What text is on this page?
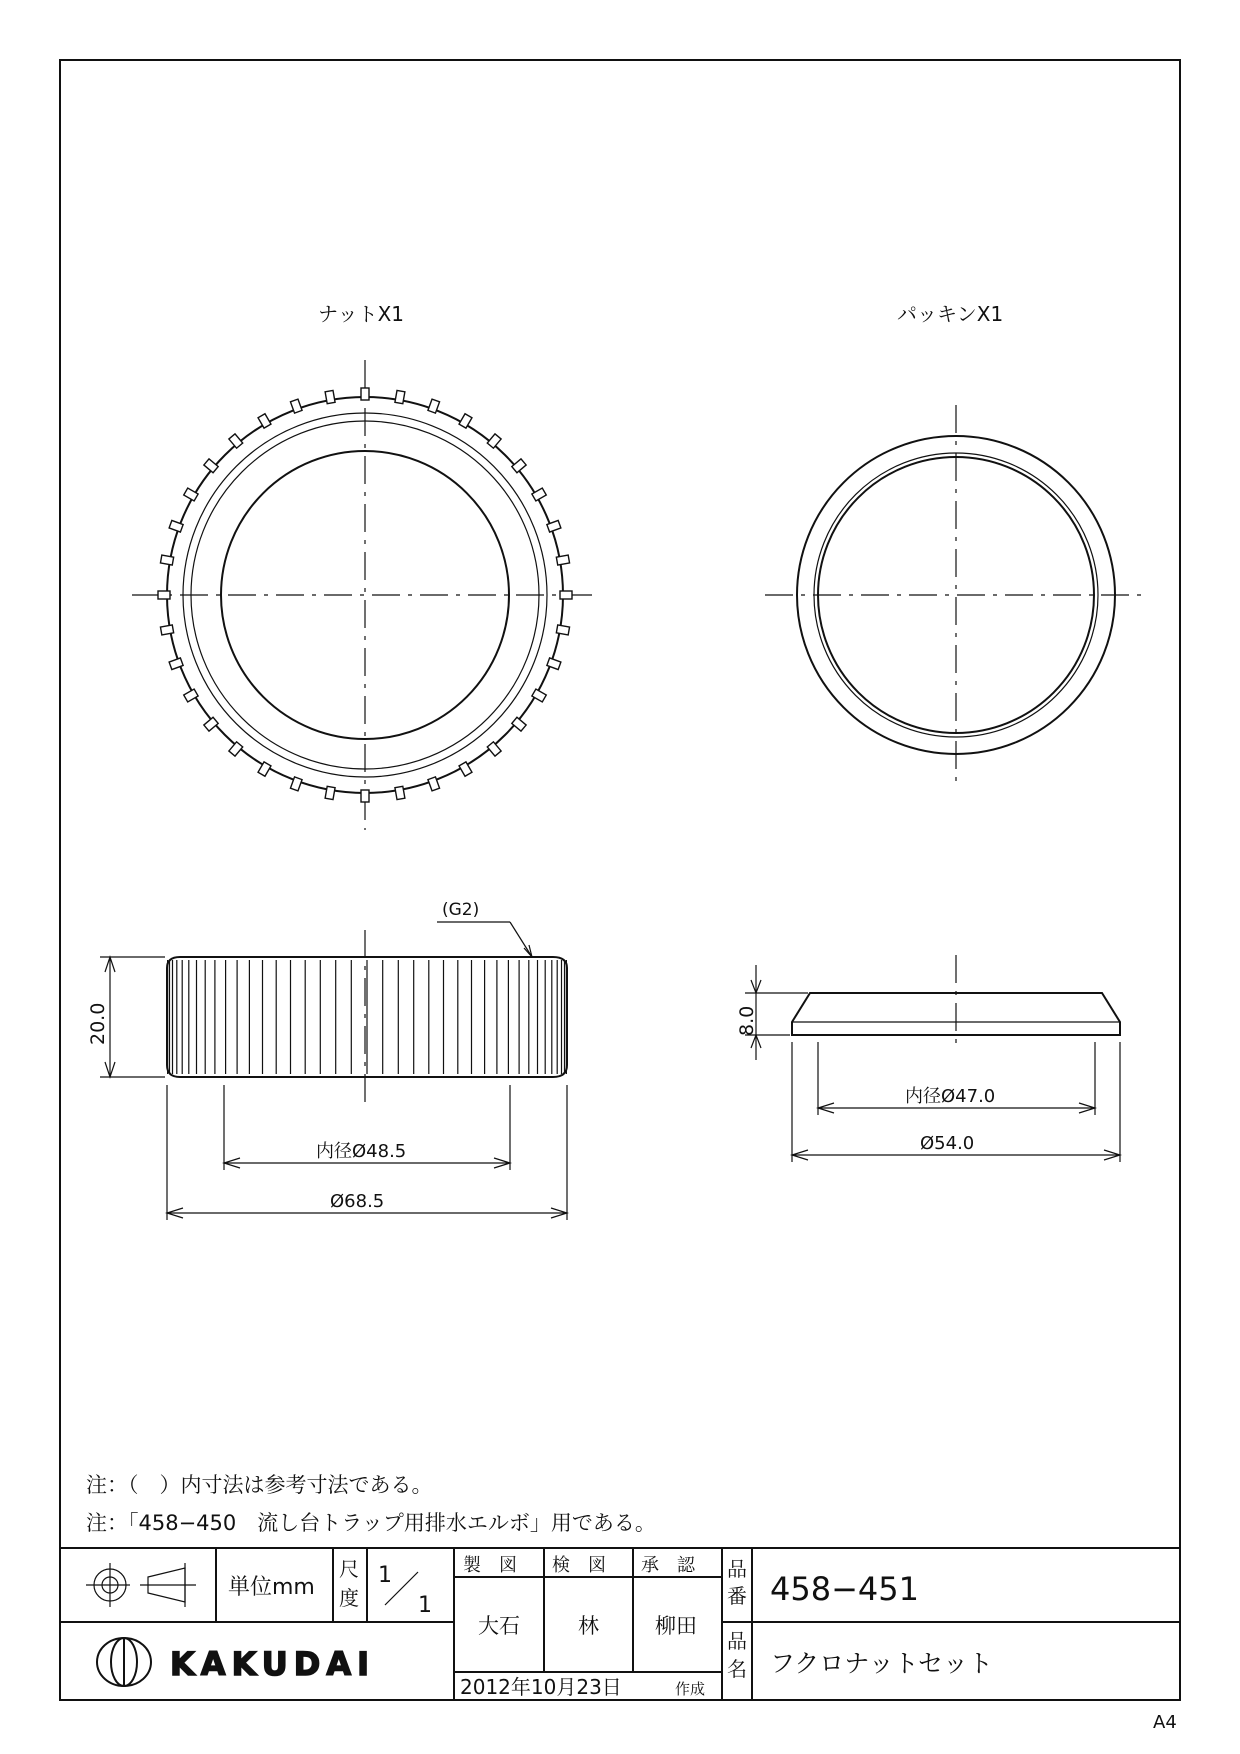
ナットX1	パッキンX1
(G2)
20.0
内径Ø48.5
Ø68.5
8.0
内径Ø47.0
Ø54.0
注：（　）内寸法は参考寸法である。
注：「458−450　流し台トラップ用排水エルボ」用である。
単位mm
尺
度
1
1
製　図 検　図 承　認
大石	林	柳田
品
番 458−451
品
名 フクロナットセット
2012年10月23日	作成
KAKUDAI
A4
